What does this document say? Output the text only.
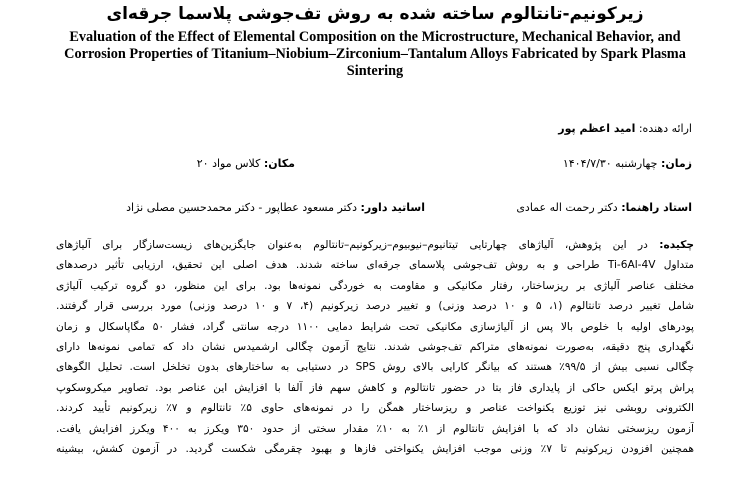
زیرکونیم-تانتالوم ساخته شده به روش تف‌جوشی پلاسما جرقه‌ای
Evaluation of the Effect of Elemental Composition on the Microstructure, Mechanical Behavior, and
Corrosion Properties of Titanium–Niobium–Zirconium–Tantalum Alloys Fabricated by Spark Plasma
Sintering
ارائه دهنده: امید اعظم پور
زمان: چهارشنبه ۱۴۰۴/۷/۳۰
مکان: کلاس مواد ۲۰
استاد راهنما: دکتر رحمت اله عمادی
اساتید داور: دکتر مسعود عطاپور - دکتر محمدحسین مصلی نژاد
چکیده: در این پژوهش، آلیاژهای چهارتایی تیتانیوم–نیوبیوم–زیرکونیم–تانتالوم به‌عنوان جایگزین‌های زیست‌سازگار برای آلیاژهای
متداول Ti-6Al-4V طراحی و به روش تف‌جوشی پلاسمای جرقه‌ای ساخته شدند. هدف اصلی این تحقیق، ارزیابی تأثیر درصدهای
مختلف عناصر آلیاژی بر ریزساختار، رفتار مکانیکی و مقاومت به خوردگی نمونه‌ها بود. برای این منظور، دو گروه ترکیب آلیاژی
شامل تغییر درصد تانتالوم (۱، ۵ و ۱۰ درصد وزنی) و تغییر درصد زیرکونیم (۴، ۷ و ۱۰ درصد وزنی) مورد بررسی قرار گرفتند.
پودرهای اولیه با خلوص بالا پس از آلیاژسازی مکانیکی تحت شرایط دمایی ۱۱۰۰ درجه سانتی گراد، فشار ۵۰ مگاپاسکال و زمان
نگهداری پنج دقیقه، به‌صورت نمونه‌های متراکم تف‌جوشی شدند. نتایج آزمون چگالی ارشمیدس نشان داد که تمامی نمونه‌ها دارای
چگالی نسبی بیش از ۹۹/۵٪ هستند که بیانگر کارایی بالای روش SPS در دستیابی به ساختارهای بدون تخلخل است. تحلیل الگوهای
پراش پرتو ایکس حاکی از پایداری فاز بتا در حضور تانتالوم و کاهش سهم فاز آلفا با افزایش این عناصر بود. تصاویر میکروسکوپ
الکترونی روبشی نیز توزیع یکنواخت عناصر و ریزساختار همگن را در نمونه‌های حاوی ۵٪ تانتالوم و ۷٪ زیرکونیم تأیید کردند.
آزمون ریزسختی نشان داد که با افزایش تانتالوم از ۱٪ به ۱۰٪ مقدار سختی از حدود ۳۵۰ ویکرز به ۴۰۰ ویکرز افزایش یافت.
همچنین افزودن زیرکونیم تا ۷٪ وزنی موجب افزایش یکنواختی فازها و بهبود چقرمگی شکست گردید. در آزمون کشش، بیشینه
